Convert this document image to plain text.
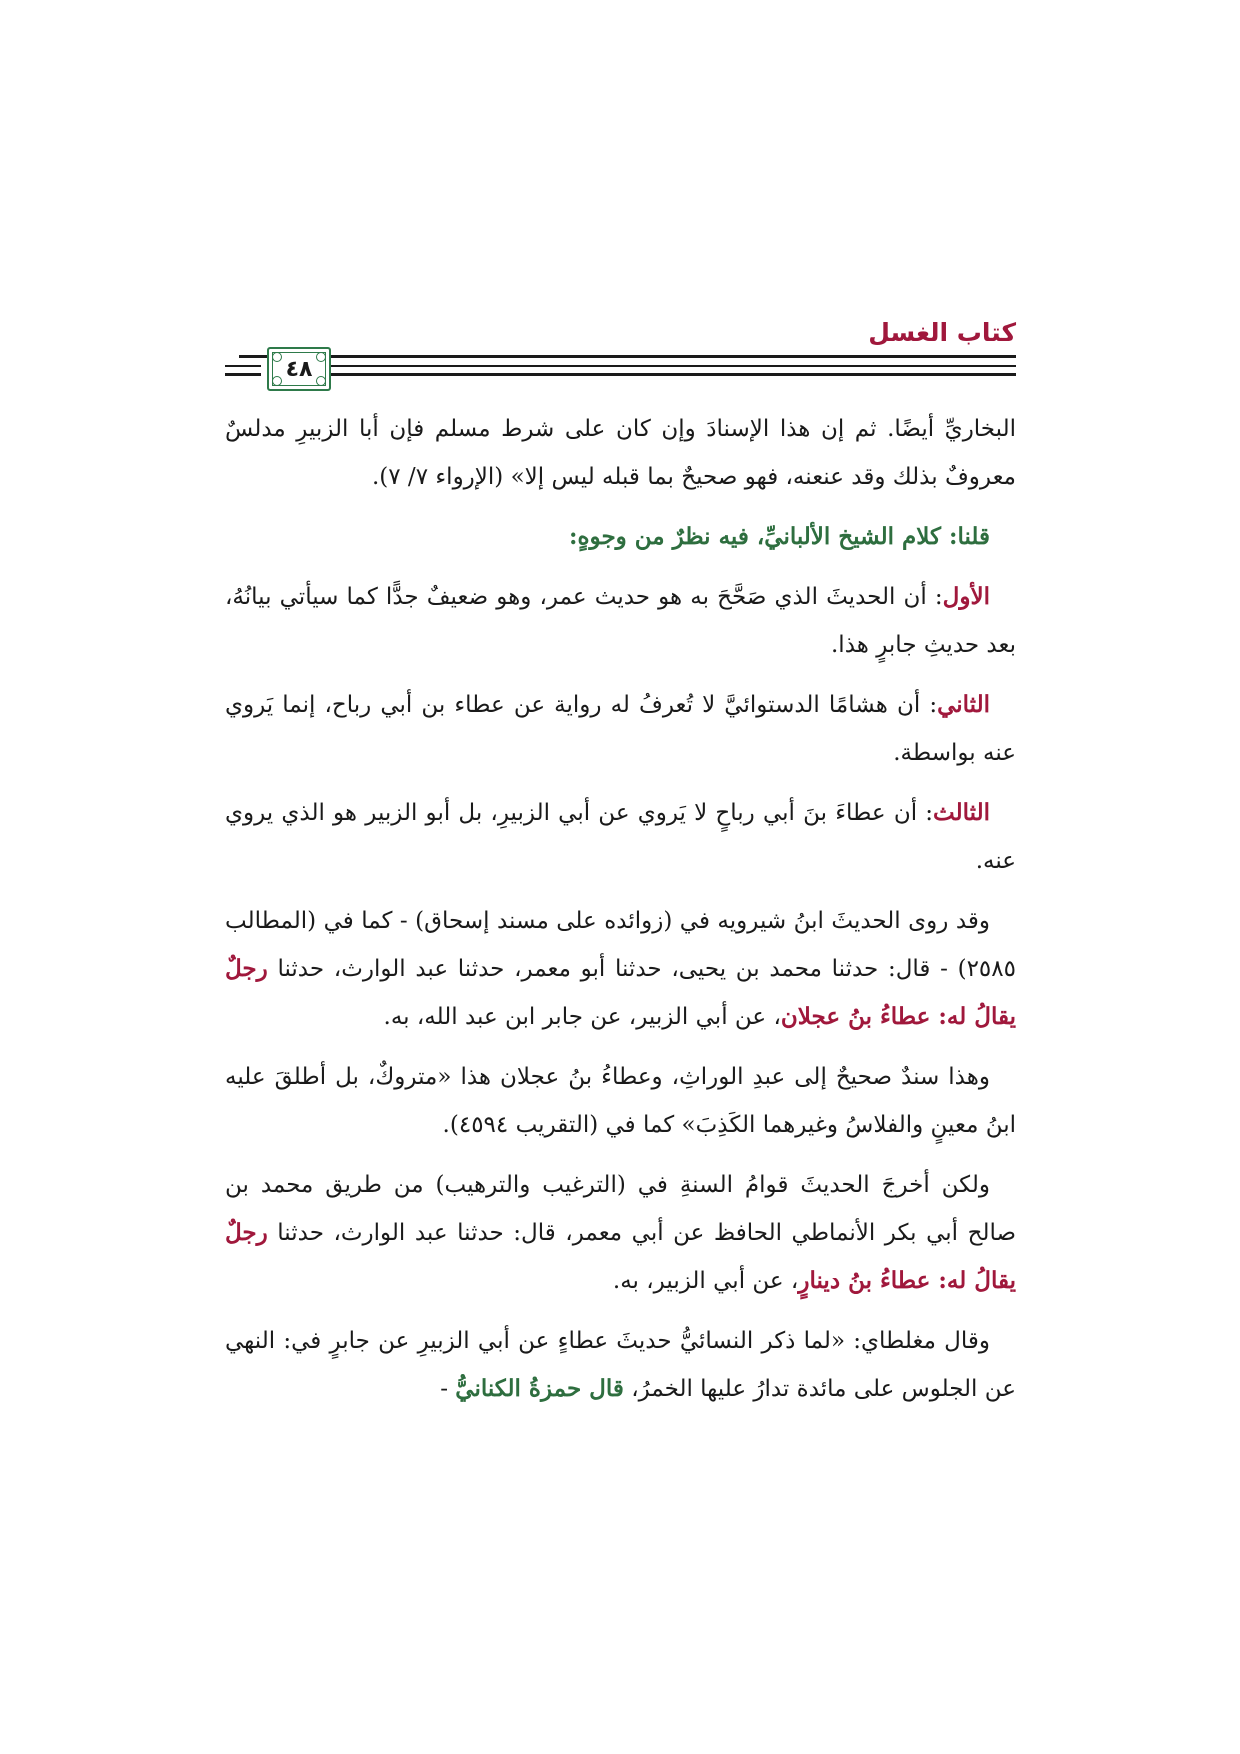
كتاب الغسل
٤٨

البخاريِّ أيضًا. ثم إن هذا الإسنادَ وإن كان على شرط مسلم فإن أبا الزبيرِ مدلسٌ معروفٌ بذلك وقد عنعنه، فهو صحيحٌ بما قبله ليس إلا» (الإرواء ٧/ ٧).

قلنا: كلام الشيخ الألبانيِّ، فيه نظرٌ من وجوهٍ:

الأول: أن الحديثَ الذي صَحَّحَ به هو حديث عمر، وهو ضعيفٌ جدًّا كما سيأتي بيانُهُ، بعد حديثِ جابرٍ هذا.

الثاني: أن هشامًا الدستوائيَّ لا تُعرفُ له رواية عن عطاء بن أبي رباح، إنما يَروي عنه بواسطة.

الثالث: أن عطاءَ بنَ أبي رباحٍ لا يَروي عن أبي الزبيرِ، بل أبو الزبير هو الذي يروي عنه.

وقد روى الحديثَ ابنُ شيرويه في (زوائده على مسند إسحاق) - كما في (المطالب ٢٥٨٥) - قال: حدثنا محمد بن يحيى، حدثنا أبو معمر، حدثنا عبد الوارث، حدثنا رجلٌ يقالُ له: عطاءُ بنُ عجلان، عن أبي الزبير، عن جابر ابن عبد الله، به.

وهذا سندٌ صحيحٌ إلى عبدِ الوراثِ، وعطاءُ بنُ عجلان هذا «متروكٌ، بل أطلقَ عليه ابنُ معينٍ والفلاسُ وغيرهما الكَذِبَ» كما في (التقريب ٤٥٩٤).

ولكن أخرجَ الحديثَ قوامُ السنةِ في (الترغيب والترهيب) من طريق محمد بن صالح أبي بكر الأنماطي الحافظ عن أبي معمر، قال: حدثنا عبد الوارث، حدثنا رجلٌ يقالُ له: عطاءُ بنُ دينارٍ، عن أبي الزبير، به.

وقال مغلطاي: «لما ذكر النسائيُّ حديثَ عطاءٍ عن أبي الزبيرِ عن جابرٍ في: النهي عن الجلوس على مائدة تدارُ عليها الخمرُ، قال حمزةُ الكنانيُّ -
